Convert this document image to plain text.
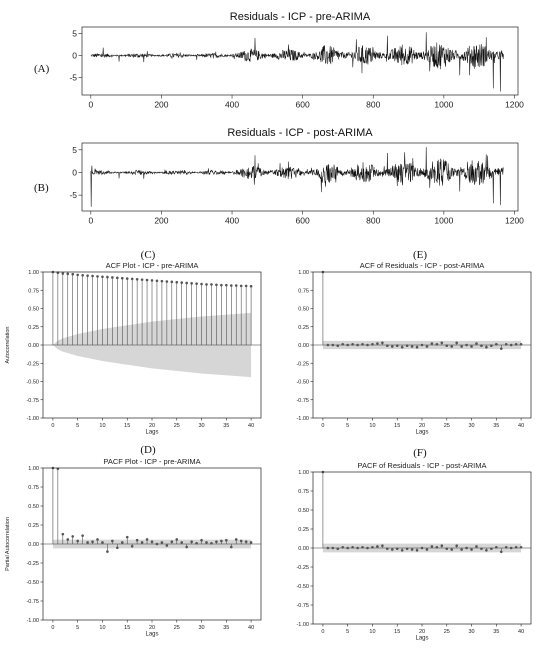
(A)
(B)
(C)
(D)
(E)
(F)
Residuals - ICP - pre-ARIMA
0	200	400	600	800	1000	1200
5
0
-5
Residuals - ICP - post-ARIMA
0	200	400	600	800	1000	1200
5
0
-5
ACF Plot - ICP - pre-ARIMA
0	5	10	15	20	25	30	35	40
1.00
0.75
0.50
0.25
0.00
-0.25
-0.50
-0.75
-1.00
Lags
Autocorrelation
PACF Plot - ICP - pre-ARIMA
0	5	10	15	20	25	30	35	40
1.00
0.75
0.50
0.25
0.00
-0.25
-0.50
-0.75
-1.00
Lags
Partial Autocorrelation
ACF of Residuals - ICP - post-ARIMA
0	5	10	15	20	25	30	35	40
1.00
0.75
0.50
0.25
0.00
-0.25
-0.50
-0.75
-1.00
Lags
PACF of Residuals - ICP - post-ARIMA
0	5	10	15	20	25	30	35	40
1.00
0.75
0.50
0.25
0.00
-0.25
-0.50
-0.75
-1.00
Lags
